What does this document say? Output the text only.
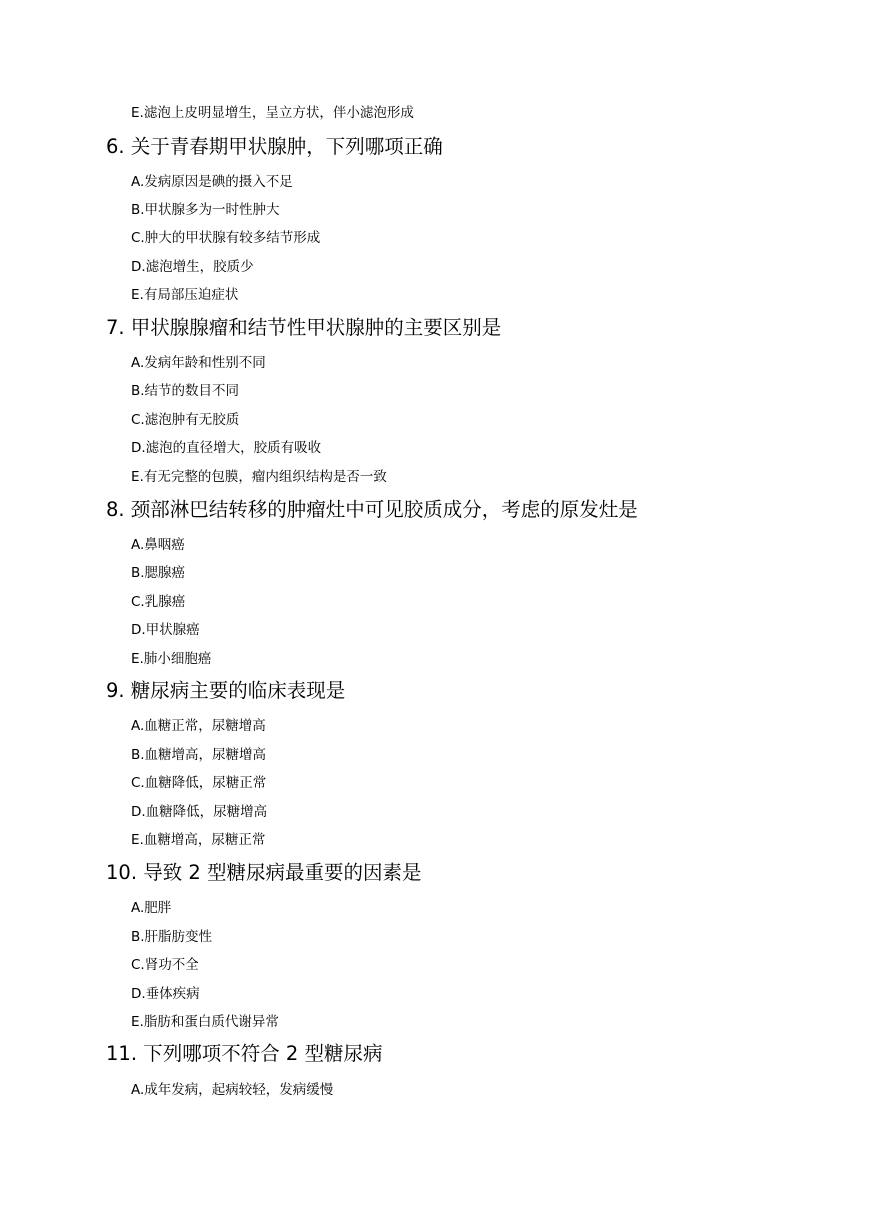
E.滤泡上皮明显增生，呈立方状，伴小滤泡形成
6. 关于青春期甲状腺肿，下列哪项正确
A.发病原因是碘的摄入不足
B.甲状腺多为一时性肿大
C.肿大的甲状腺有较多结节形成
D.滤泡增生，胶质少
E.有局部压迫症状
7. 甲状腺腺瘤和结节性甲状腺肿的主要区别是
A.发病年龄和性别不同
B.结节的数目不同
C.滤泡肿有无胶质
D.滤泡的直径增大，胶质有吸收
E.有无完整的包膜，瘤内组织结构是否一致
8. 颈部淋巴结转移的肿瘤灶中可见胶质成分，考虑的原发灶是
A.鼻咽癌
B.腮腺癌
C.乳腺癌
D.甲状腺癌
E.肺小细胞癌
9. 糖尿病主要的临床表现是
A.血糖正常，尿糖增高
B.血糖增高，尿糖增高
C.血糖降低，尿糖正常
D.血糖降低，尿糖增高
E.血糖增高，尿糖正常
10. 导致 2 型糖尿病最重要的因素是
A.肥胖
B.肝脂肪变性
C.肾功不全
D.垂体疾病
E.脂肪和蛋白质代谢异常
11. 下列哪项不符合 2 型糖尿病
A.成年发病，起病较轻，发病缓慢
